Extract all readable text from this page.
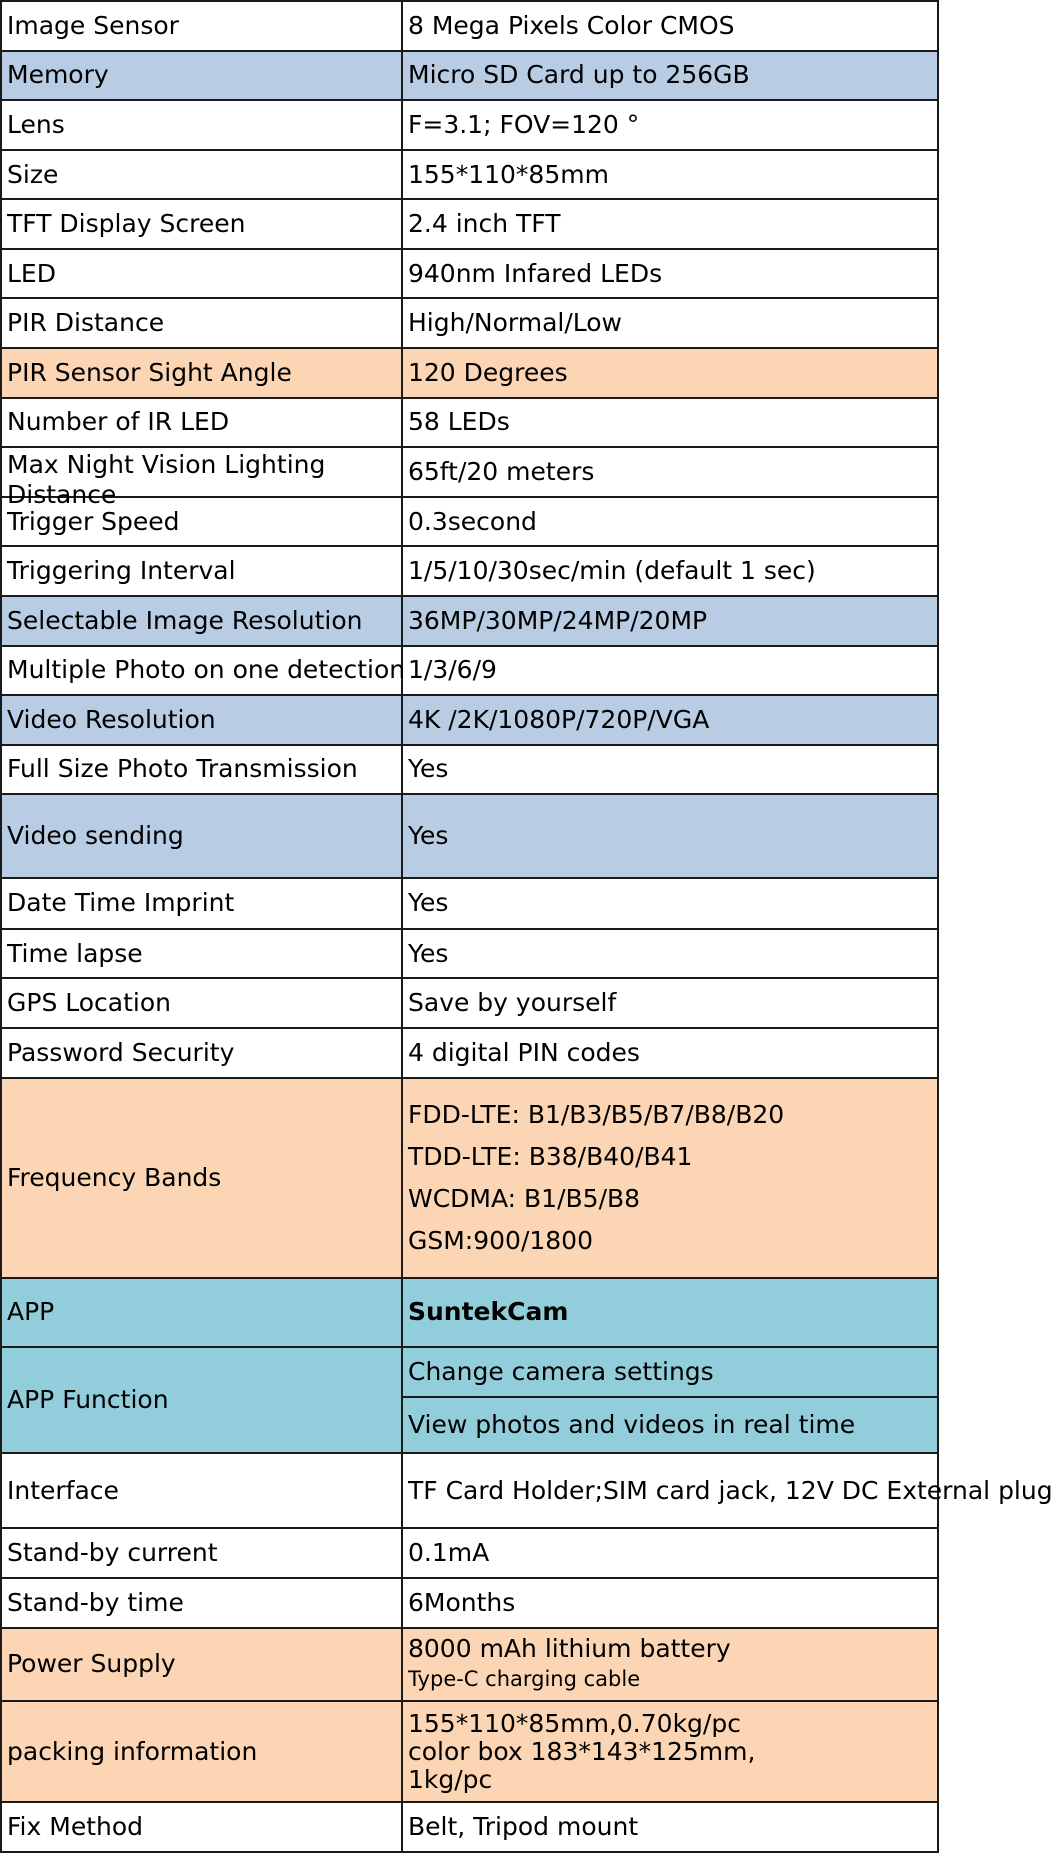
Image Sensor	8 Mega Pixels Color CMOS
Memory	Micro SD Card up to 256GB
Lens	F=3.1; FOV=120 °
Size	155*110*85mm
TFT Display Screen	2.4 inch TFT
LED	940nm Infared LEDs
PIR Distance	High/Normal/Low
PIR Sensor Sight Angle	120 Degrees
Number of IR LED	58 LEDs

Max Night Vision Lighting Distance	65ft/20 meters
Trigger Speed	0.3second
Triggering Interval	1/5/10/30sec/min (default 1 sec)
Selectable Image Resolution	36MP/30MP/24MP/20MP
Multiple Photo on one detection	1/3/6/9
Video Resolution	4K /2K/1080P/720P/VGA
Full Size Photo Transmission	Yes
Video sending	Yes
Date Time Imprint	Yes
Time lapse	Yes
GPS Location	Save by yourself
Password Security	4 digital PIN codes
Frequency Bands	FDD-LTE: B1/B3/B5/B7/B8/B20
TDD-LTE: B38/B40/B41
WCDMA: B1/B5/B8
GSM:900/1800

APP	SuntekCam
APP Function	Change camera settings
	View photos and videos in real time
Interface	TF Card Holder;SIM card jack, 12V DC External plug
Stand-by current	0.1mA
Stand-by time	6Months
Power Supply	8000 mAh lithium battery
Type-C charging cable

packing information	155*110*85mm,0.70kg/pc
color box 183*143*125mm,
1kg/pc

Fix Method	Belt, Tripod mount
